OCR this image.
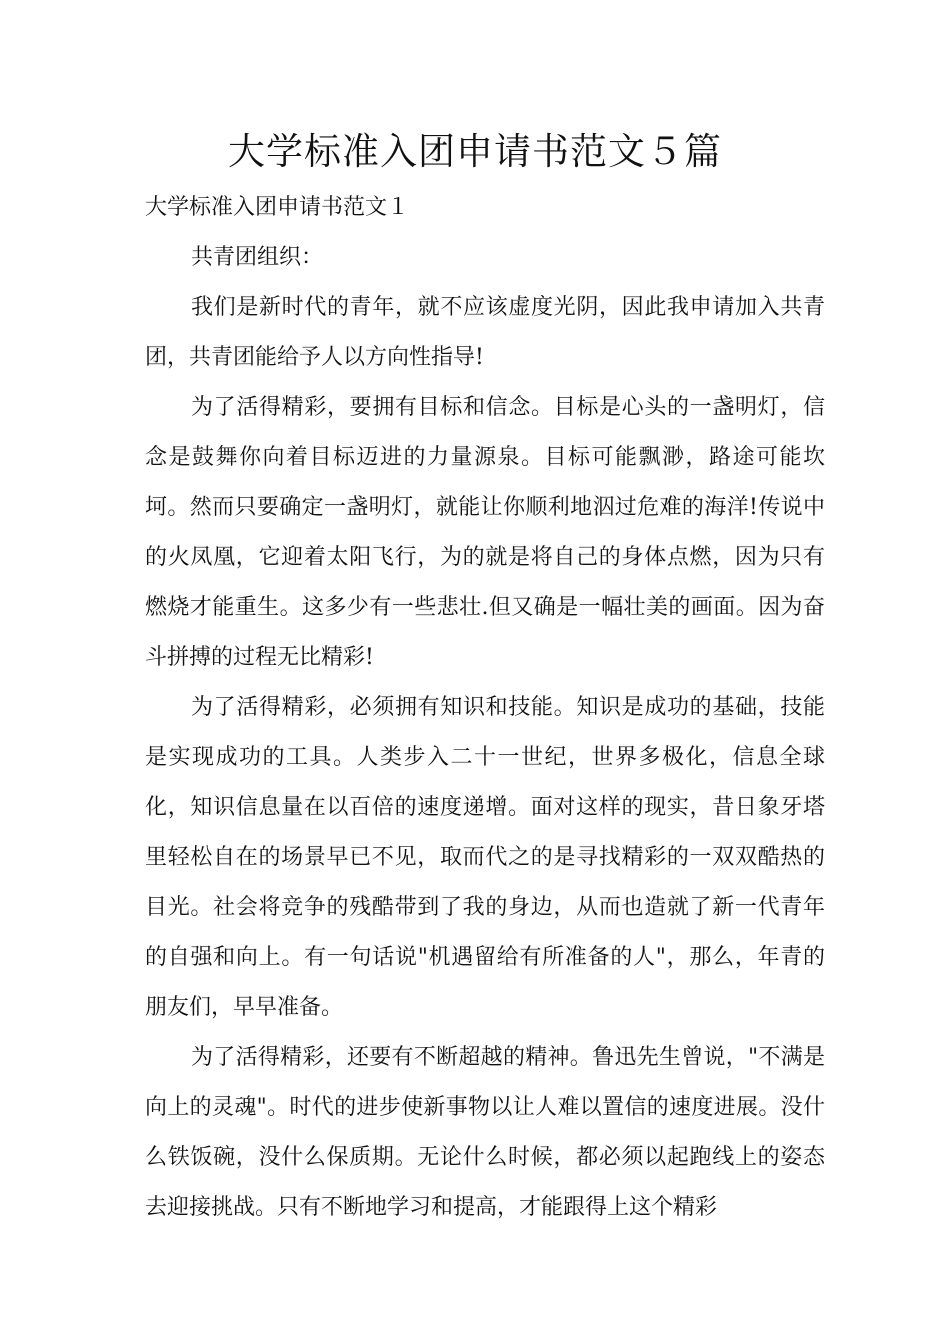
大学标准入团申请书范文５篇

大学标准入团申请书范文１

共青团组织：

我们是新时代的青年，就不应该虚度光阴，因此我申请加入共青团，共青团能给予人以方向性指导!

为了活得精彩，要拥有目标和信念。目标是心头的一盏明灯，信念是鼓舞你向着目标迈进的力量源泉。目标可能飘渺，路途可能坎坷。然而只要确定一盏明灯，就能让你顺利地泅过危难的海洋!传说中的火凤凰，它迎着太阳飞行，为的就是将自己的身体点燃，因为只有燃烧才能重生。这多少有一些悲壮.但又确是一幅壮美的画面。因为奋斗拼搏的过程无比精彩!

为了活得精彩，必须拥有知识和技能。知识是成功的基础，技能是实现成功的工具。人类步入二十一世纪，世界多极化，信息全球化，知识信息量在以百倍的速度递增。面对这样的现实，昔日象牙塔里轻松自在的场景早已不见，取而代之的是寻找精彩的一双双酷热的目光。社会将竞争的残酷带到了我的身边，从而也造就了新一代青年的自强和向上。有一句话说"机遇留给有所准备的人"，那么，年青的朋友们，早早准备。

为了活得精彩，还要有不断超越的精神。鲁迅先生曾说，"不满是向上的灵魂"。时代的进步使新事物以让人难以置信的速度进展。没什么铁饭碗，没什么保质期。无论什么时候，都必须以起跑线上的姿态去迎接挑战。只有不断地学习和提高，才能跟得上这个精彩
